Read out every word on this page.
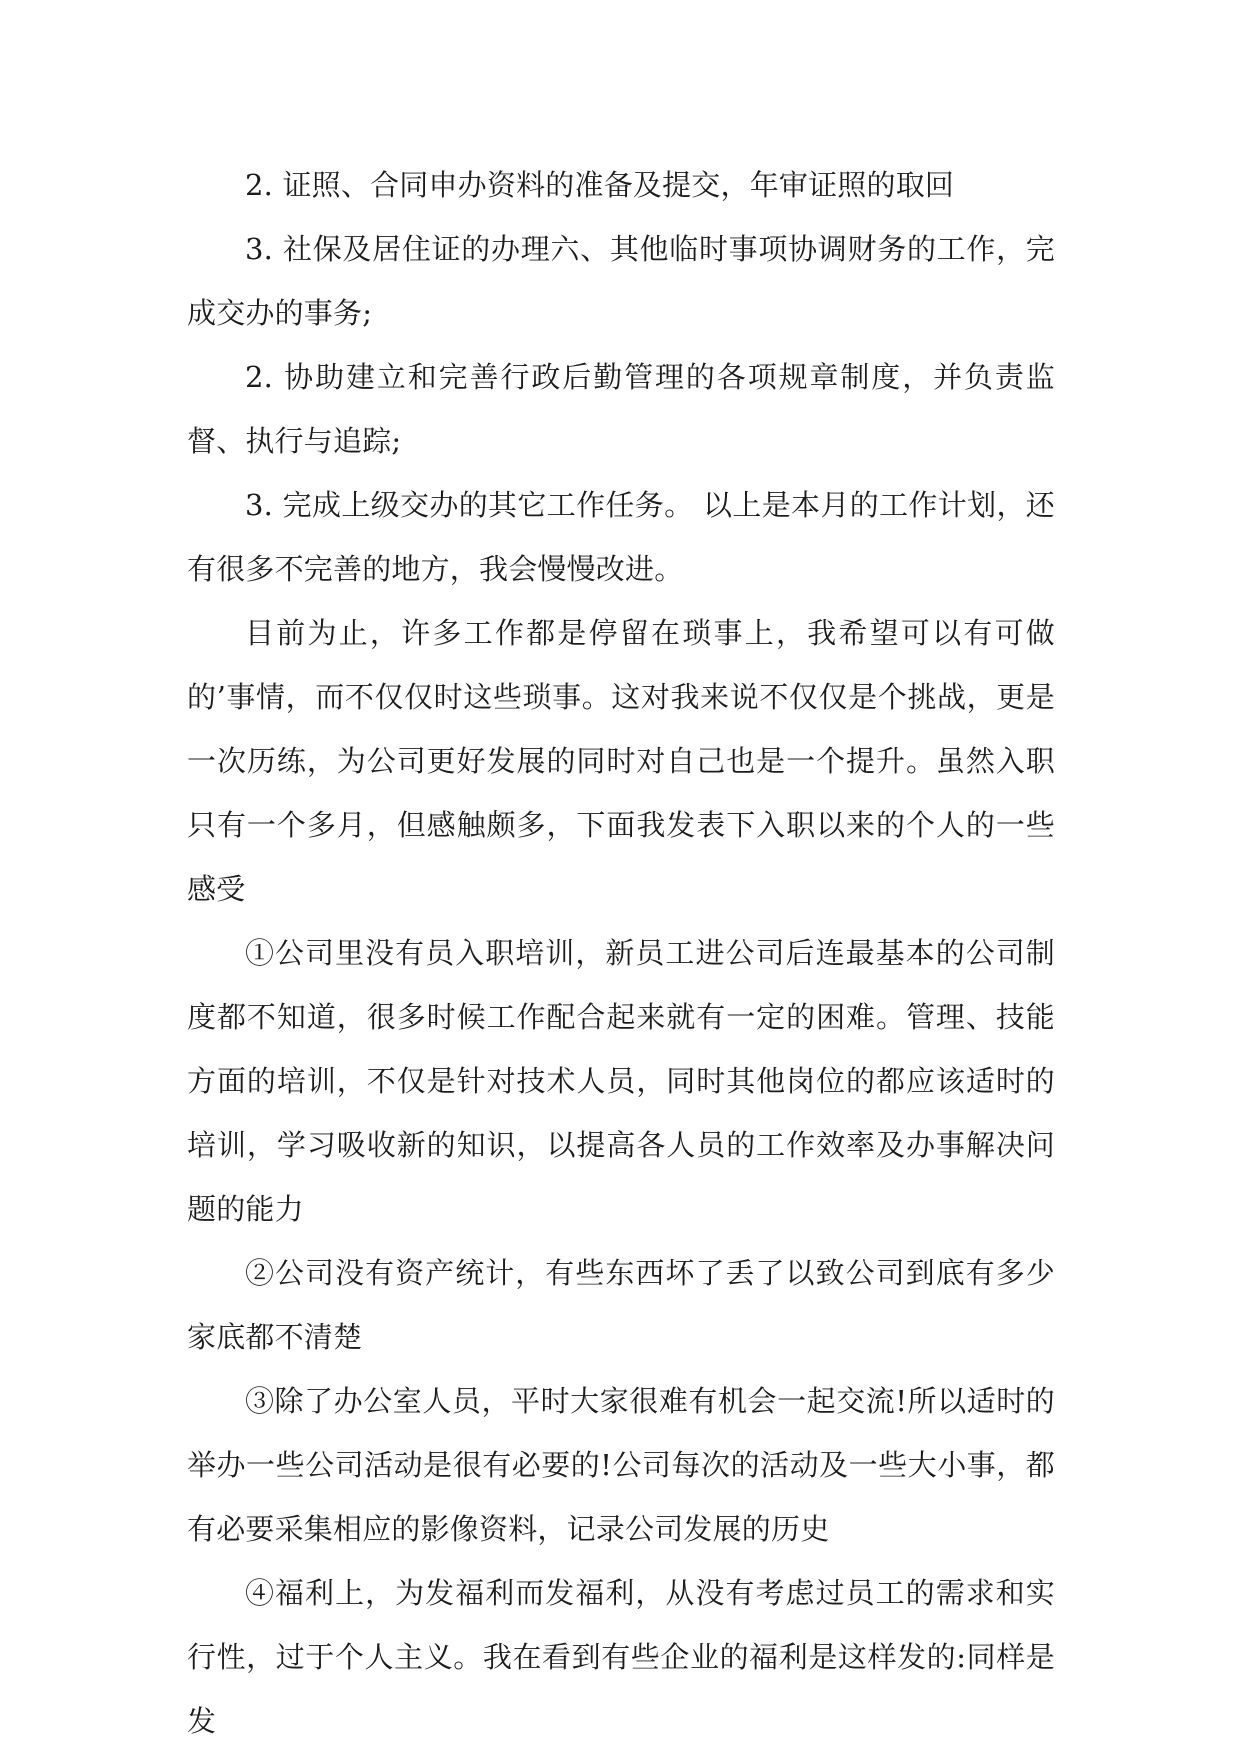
2. 证照、合同申办资料的准备及提交，年审证照的取回

3. 社保及居住证的办理六、其他临时事项协调财务的工作，完成交办的事务;

2. 协助建立和完善行政后勤管理的各项规章制度，并负责监督、执行与追踪;

3. 完成上级交办的其它工作任务。 以上是本月的工作计划，还有很多不完善的地方，我会慢慢改进。

目前为止，许多工作都是停留在琐事上，我希望可以有可做的’事情，而不仅仅时这些琐事。这对我来说不仅仅是个挑战，更是一次历练，为公司更好发展的同时对自己也是一个提升。虽然入职只有一个多月，但感触颇多，下面我发表下入职以来的个人的一些感受

①公司里没有员入职培训，新员工进公司后连最基本的公司制度都不知道，很多时候工作配合起来就有一定的困难。管理、技能方面的培训，不仅是针对技术人员，同时其他岗位的都应该适时的培训，学习吸收新的知识，以提高各人员的工作效率及办事解决问题的能力

②公司没有资产统计，有些东西坏了丢了以致公司到底有多少家底都不清楚

③除了办公室人员，平时大家很难有机会一起交流!所以适时的举办一些公司活动是很有必要的!公司每次的活动及一些大小事，都有必要采集相应的影像资料，记录公司发展的历史

④福利上，为发福利而发福利，从没有考虑过员工的需求和实行性，过于个人主义。我在看到有些企业的福利是这样发的:同样是发
